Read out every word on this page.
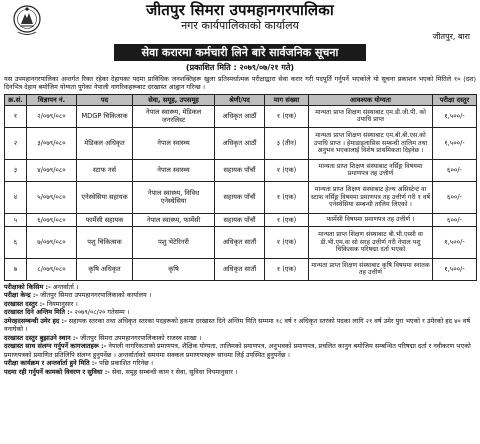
जीतपुर सिमरा उपमहानगरपालिका
नगर कार्यपालिकाको कार्यालय
जीतपुर, बारा
सेवा करारमा कर्मचारी लिने बारे सार्वजनिक सूचना
(प्रकाशित मिति : २०७९/०७/२१ गते)

यस उपमहानगरपालिका अन्तर्गत रिक्त रहेका देहायका पदमा प्राविधिक जनशक्तिहरू खुला प्रतिस्पर्धात्मक परीक्षाद्वारा सेवा करार गरी पदपूर्ति गर्नुपर्ने भएकोले यो सूचना प्रकाशन भएको मितिले १० (दश) दिनभित्र देहाय बमोजिम योग्यता पुगेका नेपाली नागरिकहरूबाट दरखास्त आह्वान गरिन्छ ।

क्र.सं.	विज्ञापन नं.	पद	सेवा, समूह, उपसमूह	श्रेणी/पद	माग संख्या	आवश्यक योग्यता	परीक्षा दस्तुर
१	२/०७९/०८०	MDGP चिकित्सक	नेपाल स्वास्थ्य, मेडिकल जनरलिस्ट	अधिकृत आठौं	१ (एक)	मान्यता प्राप्त शिक्षण संस्थाबाट एम.डी.जी.पी. को उपाधि प्राप्त	१,५००/-
२	३/०७९/०८०	मेडिकल अधिकृत	नेपाल स्वास्थ्य	अधिकृत आठौं	३ (तीन)	मान्यता प्राप्त शिक्षण संस्थाबाट एम.बी.बी.एस.को उपाधि प्राप्त । हेमाडाइलासिस सम्बन्धी तालिम तथा अनुभव भएकालाई विशेष प्राथमिकता दिइनेछ ।	१,५००/-
३	४/०७९/०८०	स्टाफ नर्स	नेपाल स्वास्थ्य	सहायक पाँचौं	१ (एक)	मान्यता प्राप्त शिक्षण संस्थाबाट नर्सिङ्ग विषयमा प्रमाणपत्र तह उत्तीर्ण	६००/-
४	५/०७९/०८०	एनेस्थेसिया सहायक	नेपाल स्वास्थ्य, विविध एनेस्थेसिया	सहायक पाँचौं	१ (एक)	मान्यता प्राप्त शिक्षण संस्थाबाट हेल्थ असिस्टेन्ट वा स्टाफ नर्सिङ्ग विषयमा प्रमाणपत्र तह उत्तीर्ण गरी १ वर्षे एनेस्थेसिया सम्बन्धी तालिम लिएको ।	६००/-
५	६/०७९/०८०	फार्मेसी सहायक	नेपाल स्वास्थ्य, फार्मेसी	सहायक पाँचौं	१ (एक)	फार्मेसी विषयमा प्रमाणपत्र तह उत्तीर्ण ।	६००/-
६	७/०७९/०८०	पशु चिकित्सक	पशु भेटेरिनरी	अधिकृत सातौं	१ (एक)	मान्यता प्राप्त शिक्षण संस्थाबाट बी.भी.एस्सी वा डी.भी.एम.वा सो सरह उत्तीर्ण गरी नेपाल पशु चिकित्सक परिषद्मा दर्ता भएको	१,५००/-
७	८/०७९/०८०	कृषि अधिकृत	कृषि	अधिकृत सातौं	१ (एक)	मान्यता प्राप्त शिक्षण संस्थाबाट कृषि विषयमा स्नातक तह उत्तीर्ण	१,५००/-
परीक्षाको किसिम :- अन्तर्वार्ता ।
परीक्षा केन्द्र :- जीतपुर सिमरा उपमहानगरपालिकाको कार्यालय ।
दरखास्त दस्तुर :- नियमानुसार ।
दरखास्त दिने अन्तिम मिति :- २०७९/०८/२० गतेसम्म ।
उमेरहदसम्बन्धी उमेर हद :- सहायक स्तरका तथा अधिकृत स्तरका पदहरूको हकमा दरखास्त दिने अन्तिम मिति सम्ममा १८ वर्ष र अधिकृत स्तरको पदका लागि २१ वर्ष उमेर पुरा भएको र उमेरको हद ४० वर्ष ननाघेको ।
दरखास्त दस्तुर बुझाउने स्थान :- जीतपुर सिमरा उपमहानगरपालिकाको राजस्व शाखा ।
दरखास्त साथ संलग्न गर्नुपर्ने कागजातहरू :- नेपाली नागरिकताको प्रमाणपत्र, शैक्षिक योग्यता, तालिमको प्रमाणपत्र, अनुभवको प्रमाणपत्र, प्रचलित कानुन बमोजिम सम्बन्धित परिषद्मा दर्ता र नवीकरण भएको प्रमाणपत्रको प्रमाणित प्रतिलिपि संलग्न हुनुपर्नेछ । अन्तर्वार्ताको समयमा सक्कल प्रमाणपत्रहरू साथमा लिई उपस्थित हुनुपर्नेछ ।
परीक्षा कार्यक्रम र अन्तर्वार्ता हुने मिति :- पछि प्रकाशित गरिनेछ ।
पदमा रही गर्नुपर्ने कामको विवरण र सुविधा :- सेवा, समूह सम्बन्धी काम र सेवा, सुविधा नियमानुसार ।
